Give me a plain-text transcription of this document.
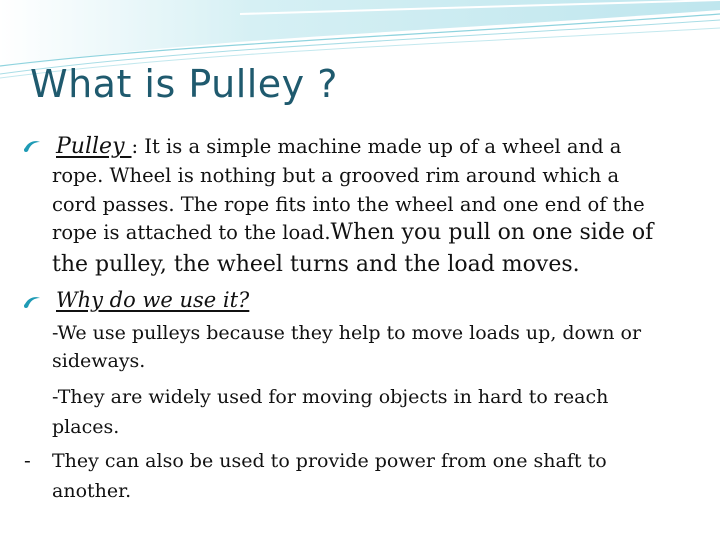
What is Pulley ?
Pulley : It is a simple machine made up of a wheel and a
rope. Wheel is nothing but a grooved rim around which a
cord passes. The rope fits into the wheel and one end of the
rope is attached to the load.When you pull on one side of
the pulley, the wheel turns and the load moves.
Why do we use it?
-We use pulleys because they help to move loads up, down or
sideways.
-They are widely used for moving objects in hard to reach
places.
- They can also be used to provide power from one shaft to
another.
